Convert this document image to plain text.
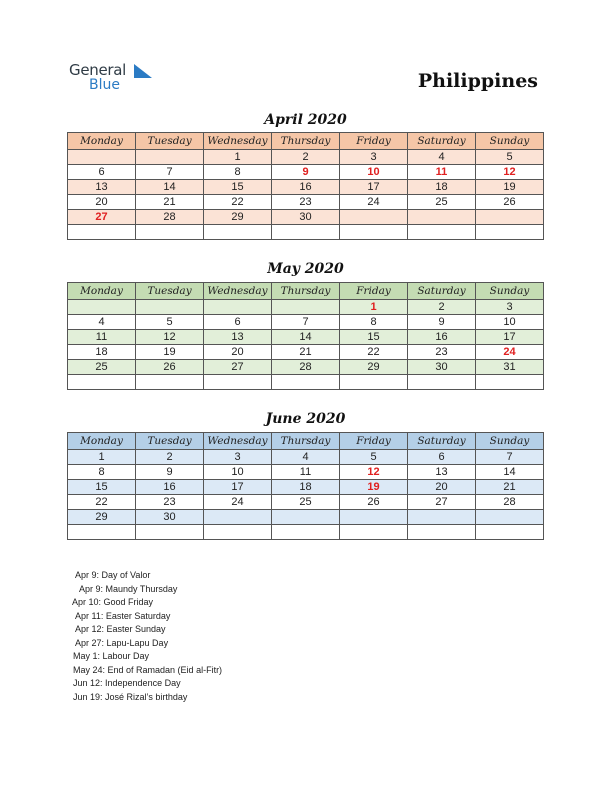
General
Blue	Philippines
April 2020
Monday	Tuesday	Wednesday	Thursday	Friday	Saturday	Sunday
		1	2	3	4	5
6	7	8	9	10	11	12
13	14	15	16	17	18	19
20	21	22	23	24	25	26
27	28	29	30			

May 2020
Monday	Tuesday	Wednesday	Thursday	Friday	Saturday	Sunday
				1	2	3
4	5	6	7	8	9	10
11	12	13	14	15	16	17
18	19	20	21	22	23	24
25	26	27	28	29	30	31

June 2020
Monday	Tuesday	Wednesday	Thursday	Friday	Saturday	Sunday
1	2	3	4	5	6	7
8	9	10	11	12	13	14
15	16	17	18	19	20	21
22	23	24	25	26	27	28
29	30					

Apr 9: Day of Valor
Apr 9: Maundy Thursday
Apr 10: Good Friday
Apr 11: Easter Saturday
Apr 12: Easter Sunday
Apr 27: Lapu-Lapu Day
May 1: Labour Day
May 24: End of Ramadan (Eid al-Fitr)
Jun 12: Independence Day
Jun 19: José Rizal’s birthday
